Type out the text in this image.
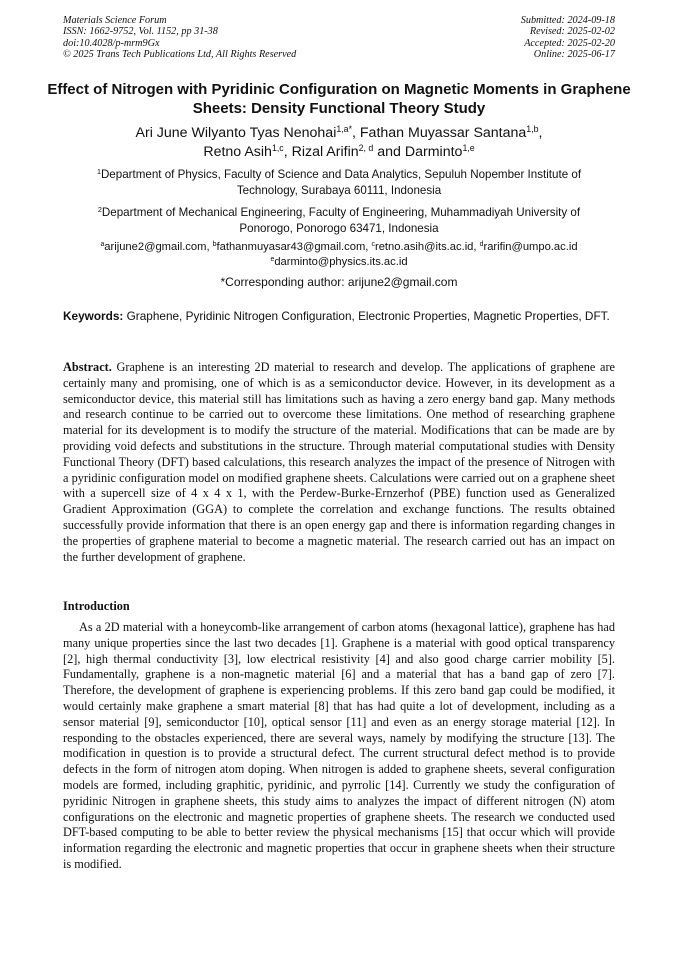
Materials Science Forum
ISSN: 1662-9752, Vol. 1152, pp 31-38
doi:10.4028/p-mrm9Gx
© 2025 Trans Tech Publications Ltd, All Rights Reserved
Submitted: 2024-09-18
Revised: 2025-02-02
Accepted: 2025-02-20
Online: 2025-06-17
Effect of Nitrogen with Pyridinic Configuration on Magnetic Moments in Graphene Sheets: Density Functional Theory Study
Ari June Wilyanto Tyas Nenohai$^{1,a*}$, Fathan Muyassar Santana$^{1,b}$,
Retno Asih$^{1,c}$, Rizal Arifin$^{2, d}$ and Darminto$^{1,e}$
$^1$Department of Physics, Faculty of Science and Data Analytics, Sepuluh Nopember Institute of Technology, Surabaya 60111, Indonesia
$^2$Department of Mechanical Engineering, Faculty of Engineering, Muhammadiyah University of Ponorogo, Ponorogo 63471, Indonesia
$^a$arijune2@gmail.com, $^b$fathanmuyasar43@gmail.com, $^c$retno.asih@its.ac.id, $^d$rarifin@umpo.ac.id
$^e$darminto@physics.its.ac.id
*Corresponding author: arijune2@gmail.com
Keywords: Graphene, Pyridinic Nitrogen Configuration, Electronic Properties, Magnetic Properties, DFT.
Abstract. Graphene is an interesting 2D material to research and develop. The applications of graphene are certainly many and promising, one of which is as a semiconductor device. However, in its development as a semiconductor device, this material still has limitations such as having a zero energy band gap. Many methods and research continue to be carried out to overcome these limitations. One method of researching graphene material for its development is to modify the structure of the material. Modifications that can be made are by providing void defects and substitutions in the structure. Through material computational studies with Density Functional Theory (DFT) based calculations, this research analyzes the impact of the presence of Nitrogen with a pyridinic configuration model on modified graphene sheets. Calculations were carried out on a graphene sheet with a supercell size of 4 x 4 x 1, with the Perdew-Burke-Ernzerhof (PBE) function used as Generalized Gradient Approximation (GGA) to complete the correlation and exchange functions. The results obtained successfully provide information that there is an open energy gap and there is information regarding changes in the properties of graphene material to become a magnetic material. The research carried out has an impact on the further development of graphene.
Introduction
As a 2D material with a honeycomb-like arrangement of carbon atoms (hexagonal lattice), graphene has had many unique properties since the last two decades [1]. Graphene is a material with good optical transparency [2], high thermal conductivity [3], low electrical resistivity [4] and also good charge carrier mobility [5]. Fundamentally, graphene is a non-magnetic material [6] and a material that has a band gap of zero [7]. Therefore, the development of graphene is experiencing problems. If this zero band gap could be modified, it would certainly make graphene a smart material [8] that has had quite a lot of development, including as a sensor material [9], semiconductor [10], optical sensor [11] and even as an energy storage material [12]. In responding to the obstacles experienced, there are several ways, namely by modifying the structure [13]. The modification in question is to provide a structural defect. The current structural defect method is to provide defects in the form of nitrogen atom doping. When nitrogen is added to graphene sheets, several configuration models are formed, including graphitic, pyridinic, and pyrrolic [14]. Currently we study the configuration of pyridinic Nitrogen in graphene sheets, this study aims to analyzes the impact of different nitrogen (N) atom configurations on the electronic and magnetic properties of graphene sheets. The research we conducted used DFT-based computing to be able to better review the physical mechanisms [15] that occur which will provide information regarding the electronic and magnetic properties that occur in graphene sheets when their structure is modified.
